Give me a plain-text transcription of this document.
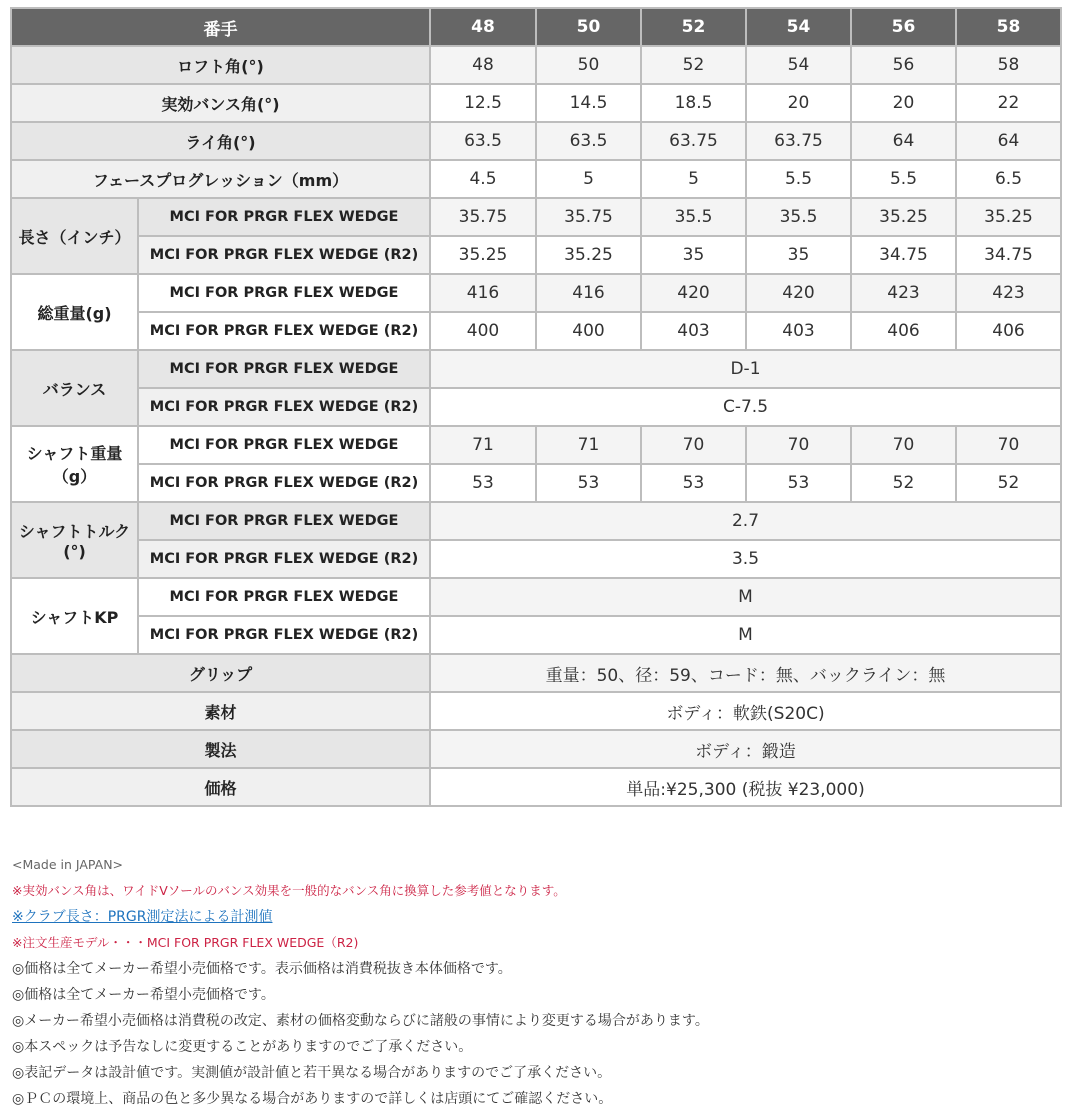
番手		48	50	52	54	56	58
ロフト角(°)		48	50	52	54	56	58
実効バンス角(°)		12.5	14.5	18.5	20	20	22
ライ角(°)		63.5	63.5	63.75	63.75	64	64
フェースプログレッション（mm）		4.5	5	5	5.5	5.5	6.5
長さ（インチ）	MCI FOR PRGR FLEX WEDGE	35.75	35.75	35.5	35.5	35.25	35.25
	MCI FOR PRGR FLEX WEDGE (R2)	35.25	35.25	35	35	34.75	34.75
総重量(g)	MCI FOR PRGR FLEX WEDGE	416	416	420	420	423	423
	MCI FOR PRGR FLEX WEDGE (R2)	400	400	403	403	406	406
バランス	MCI FOR PRGR FLEX WEDGE	D-1					
	MCI FOR PRGR FLEX WEDGE (R2)	C-7.5					
シャフト重量
（g）	MCI FOR PRGR FLEX WEDGE	71	71	70	70	70	70
	MCI FOR PRGR FLEX WEDGE (R2)	53	53	53	53	52	52
シャフトトルク
(°)	MCI FOR PRGR FLEX WEDGE	2.7					
	MCI FOR PRGR FLEX WEDGE (R2)	3.5					
シャフトKP	MCI FOR PRGR FLEX WEDGE	M					
	MCI FOR PRGR FLEX WEDGE (R2)	M					
グリップ		重量：50、径：59、コード：無、バックライン：無					
素材		ボディ：軟鉄(S20C)					
製法		ボディ：鍛造					
価格		単品:¥25,300 (税抜 ¥23,000)					
<Made in JAPAN>
※実効バンス角は、ワイドVソールのバンス効果を一般的なバンス角に換算した参考値となります。
※クラブ長さ：PRGR測定法による計測値
※注文生産モデル・・・MCI FOR PRGR FLEX WEDGE（R2)
◎価格は全てメーカー希望小売価格です。表示価格は消費税抜き本体価格です。
◎価格は全てメーカー希望小売価格です。
◎メーカー希望小売価格は消費税の改定、素材の価格変動ならびに諸般の事情により変更する場合があります。
◎本スペックは予告なしに変更することがありますのでご了承ください。
◎表記データは設計値です。実測値が設計値と若干異なる場合がありますのでご了承ください。
◎ＰＣの環境上、商品の色と多少異なる場合がありますので詳しくは店頭にてご確認ください。
